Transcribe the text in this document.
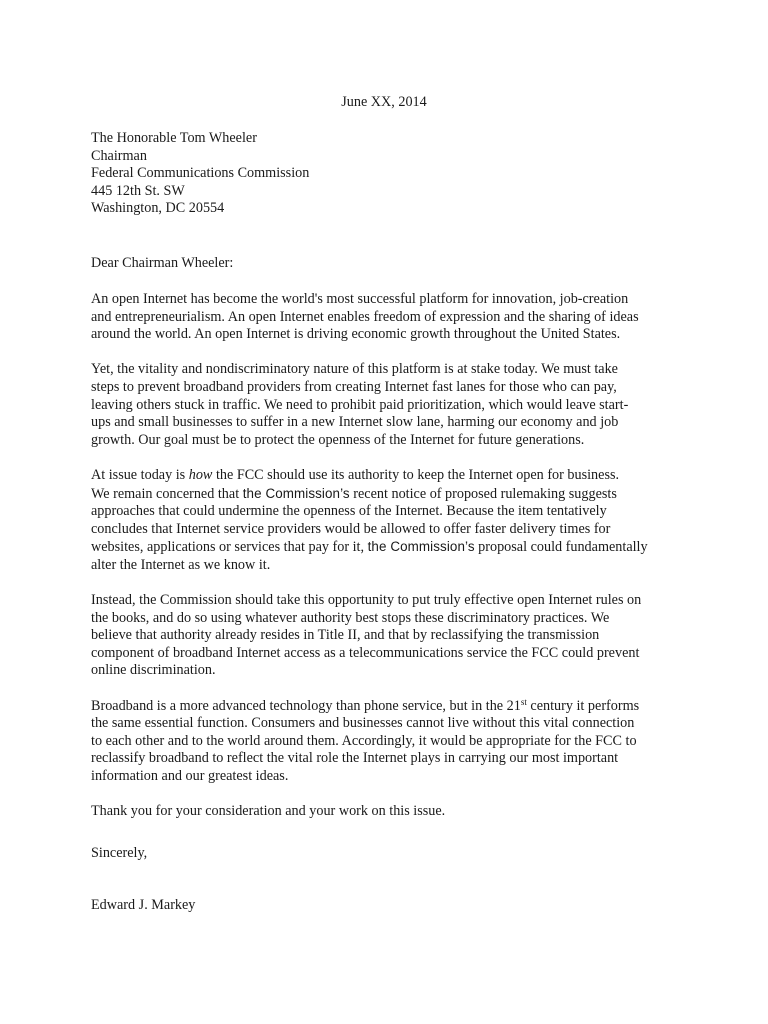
June XX, 2014

The Honorable Tom Wheeler
Chairman
Federal Communications Commission
445 12th St. SW
Washington, DC 20554

Dear Chairman Wheeler:

An open Internet has become the world's most successful platform for innovation, job-creation
and entrepreneurialism. An open Internet enables freedom of expression and the sharing of ideas
around the world. An open Internet is driving economic growth throughout the United States.

Yet, the vitality and nondiscriminatory nature of this platform is at stake today. We must take
steps to prevent broadband providers from creating Internet fast lanes for those who can pay,
leaving others stuck in traffic. We need to prohibit paid prioritization, which would leave start-
ups and small businesses to suffer in a new Internet slow lane, harming our economy and job
growth. Our goal must be to protect the openness of the Internet for future generations.

At issue today is how the FCC should use its authority to keep the Internet open for business.
We remain concerned that the Commission’s recent notice of proposed rulemaking suggests
approaches that could undermine the openness of the Internet. Because the item tentatively
concludes that Internet service providers would be allowed to offer faster delivery times for
websites, applications or services that pay for it, the Commission’s proposal could fundamentally
alter the Internet as we know it.

Instead, the Commission should take this opportunity to put truly effective open Internet rules on
the books, and do so using whatever authority best stops these discriminatory practices. We
believe that authority already resides in Title II, and that by reclassifying the transmission
component of broadband Internet access as a telecommunications service the FCC could prevent
online discrimination.

Broadband is a more advanced technology than phone service, but in the 21st century it performs
the same essential function. Consumers and businesses cannot live without this vital connection
to each other and to the world around them. Accordingly, it would be appropriate for the FCC to
reclassify broadband to reflect the vital role the Internet plays in carrying our most important
information and our greatest ideas.

Thank you for your consideration and your work on this issue.

Sincerely,

Edward J. Markey
